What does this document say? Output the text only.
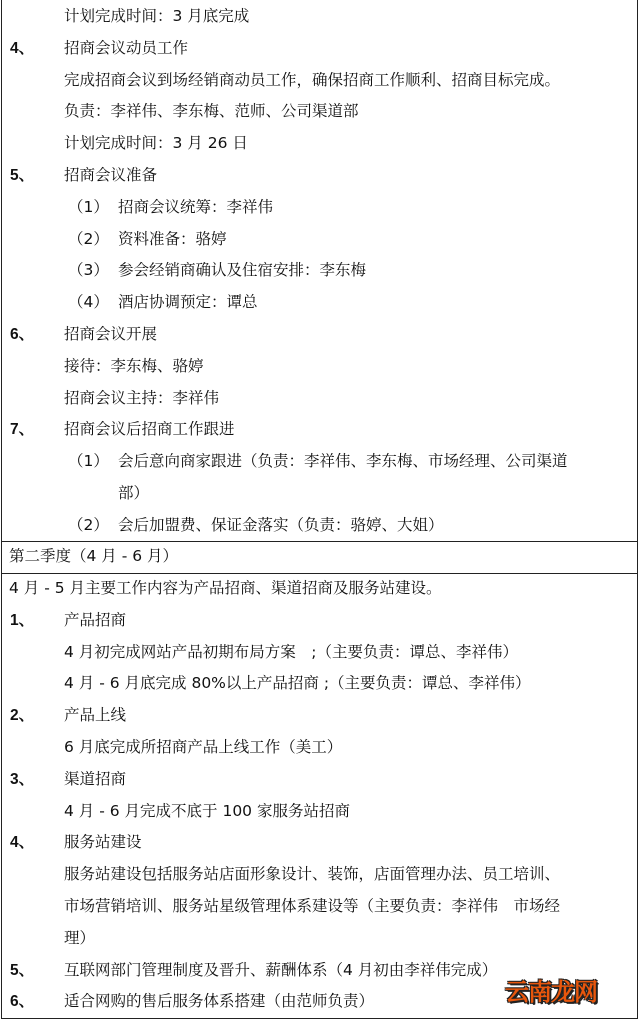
计划完成时间：3 月底完成
4、 招商会议动员工作
完成招商会议到场经销商动员工作，确保招商工作顺利、招商目标完成。
负责：李祥伟、李东梅、范师、公司渠道部
计划完成时间：3 月 26 日
5、 招商会议准备
（1） 招商会议统筹：李祥伟
（2） 资料准备：骆婷
（3） 参会经销商确认及住宿安排：李东梅
（4） 酒店协调预定：谭总
6、 招商会议开展
接待：李东梅、骆婷
招商会议主持：李祥伟
7、 招商会议后招商工作跟进
（1） 会后意向商家跟进（负责：李祥伟、李东梅、市场经理、公司渠道
部）
（2） 会后加盟费、保证金落实（负责：骆婷、大姐）
第二季度（4 月 - 6 月）
4 月 - 5 月主要工作内容为产品招商、渠道招商及服务站建设。
1、 产品招商
4 月初完成网站产品初期布局方案　;（主要负责：谭总、李祥伟）
4 月 - 6 月底完成 80%以上产品招商 ;（主要负责：谭总、李祥伟）
2、 产品上线
6 月底完成所招商产品上线工作（美工）
3、 渠道招商
4 月 - 6 月完成不底于 100 家服务站招商
4、 服务站建设
服务站建设包括服务站店面形象设计、装饰，店面管理办法、员工培训、
市场营销培训、服务站星级管理体系建设等（主要负责：李祥伟　市场经
理）
5、 互联网部门管理制度及晋升、薪酬体系（4 月初由李祥伟完成）
6、 适合网购的售后服务体系搭建（由范师负责）	云南龙网
